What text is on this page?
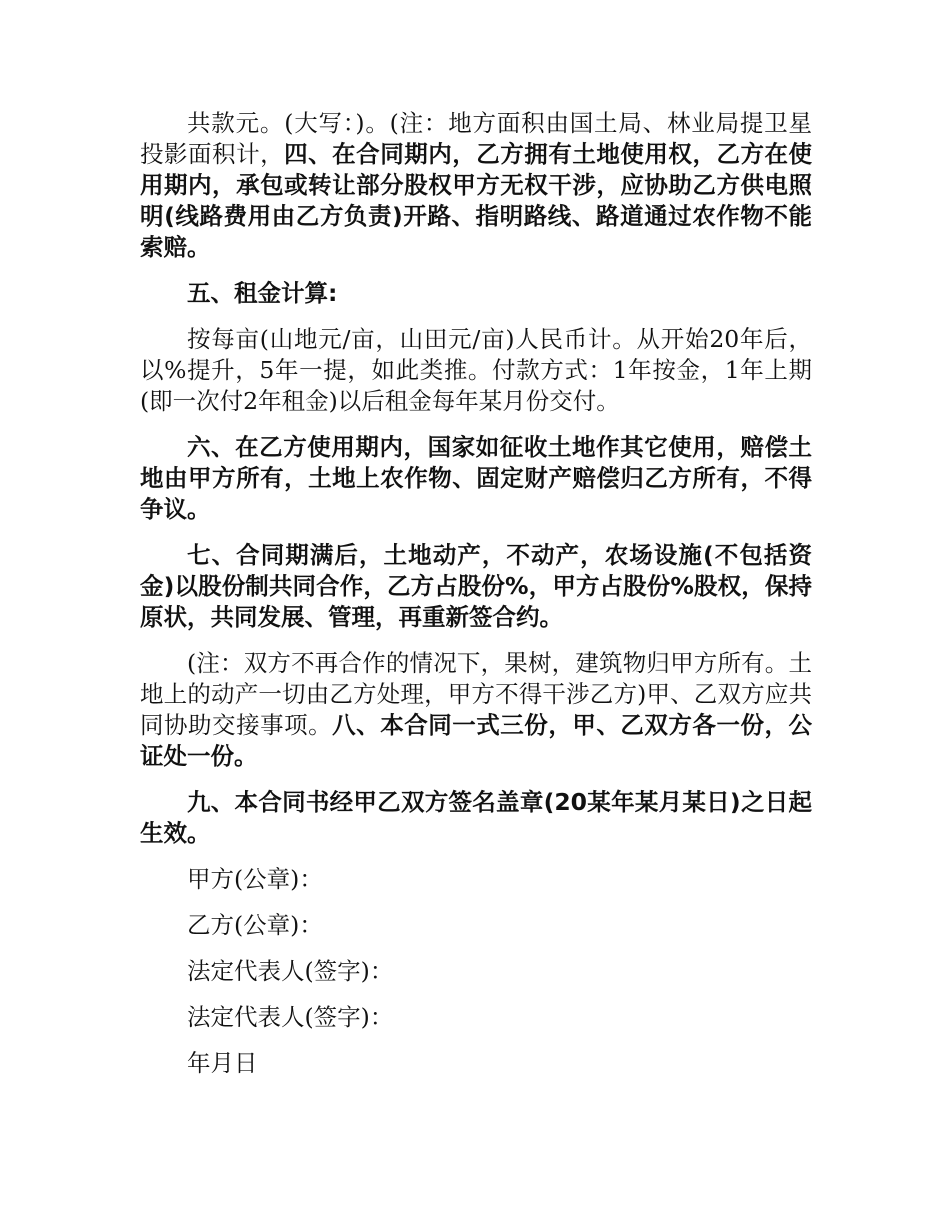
共款元。(大写：)。(注：地方面积由国土局、林业局提卫星投影面积计，四、在合同期内，乙方拥有土地使用权，乙方在使用期内，承包或转让部分股权甲方无权干涉，应协助乙方供电照明(线路费用由乙方负责)开路、指明路线、路道通过农作物不能索赔。

五、租金计算:

按每亩(山地元/亩，山田元/亩)人民币计。从开始20年后，以%提升，5年一提，如此类推。付款方式：1年按金，1年上期(即一次付2年租金)以后租金每年某月份交付。

六、在乙方使用期内，国家如征收土地作其它使用，赔偿土地由甲方所有，土地上农作物、固定财产赔偿归乙方所有，不得争议。

七、合同期满后，土地动产，不动产，农场设施(不包括资金)以股份制共同合作，乙方占股份%，甲方占股份%股权，保持原状，共同发展、管理，再重新签合约。

(注：双方不再合作的情况下，果树，建筑物归甲方所有。土地上的动产一切由乙方处理，甲方不得干涉乙方)甲、乙双方应共同协助交接事项。八、本合同一式三份，甲、乙双方各一份，公证处一份。

九、本合同书经甲乙双方签名盖章(20某年某月某日)之日起生效。

甲方(公章)：

乙方(公章)：

法定代表人(签字)：

法定代表人(签字)：

年月日
